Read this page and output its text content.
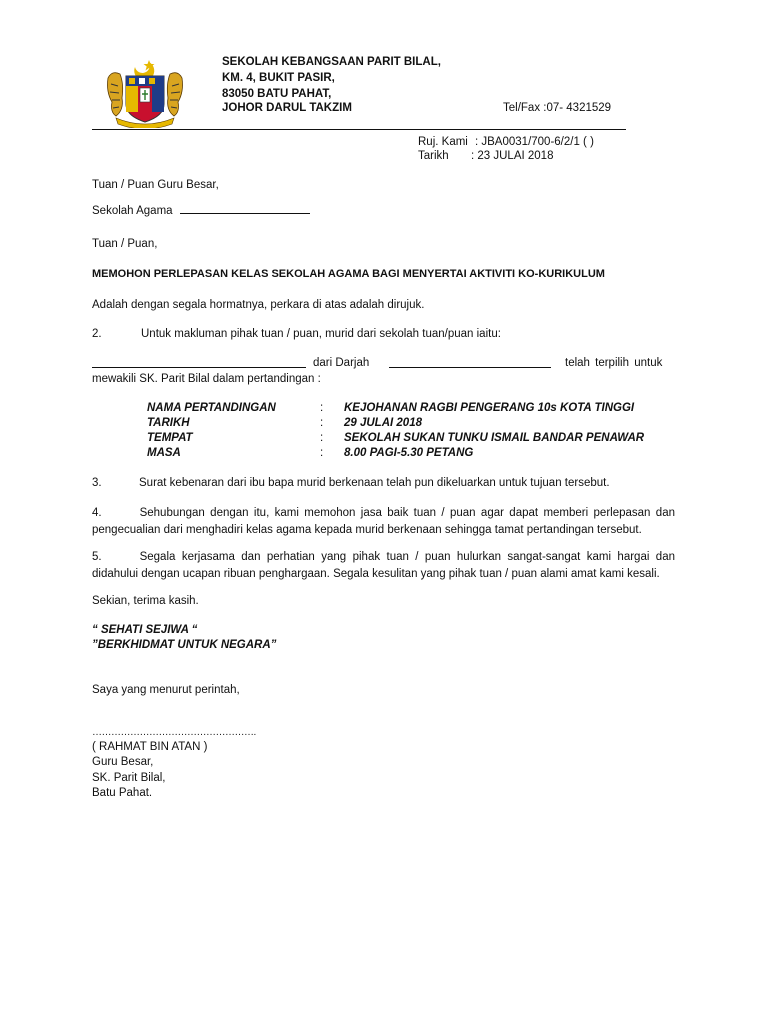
SEKOLAH KEBANGSAAN PARIT BILAL,
KM. 4, BUKIT PASIR,
83050 BATU PAHAT,
JOHOR DARUL TAKZIM	Tel/Fax :07- 4321529
Ruj. Kami : JBA0031/700-6/2/1 ( )
Tarikh : 23 JULAI 2018
Tuan / Puan Guru Besar,
Sekolah Agama
Tuan / Puan,
MEMOHON PERLEPASAN KELAS SEKOLAH AGAMA BAGI MENYERTAI AKTIVITI KO-KURIKULUM
Adalah dengan segala hormatnya, perkara di atas adalah dirujuk.
2.	Untuk makluman pihak tuan / puan, murid dari sekolah tuan/puan iaitu:
dari Darjah	telah terpilih untuk
mewakili SK. Parit Bilal dalam pertandingan :
NAMA PERTANDINGAN	: KEJOHANAN RAGBI PENGERANG 10s KOTA TINGGI
TARIKH	: 29 JULAI 2018
TEMPAT	: SEKOLAH SUKAN TUNKU ISMAIL BANDAR PENAWAR
MASA	: 8.00 PAGI-5.30 PETANG
3.	Surat kebenaran dari ibu bapa murid berkenaan telah pun dikeluarkan untuk tujuan tersebut.
4.	Sehubungan dengan itu, kami memohon jasa baik tuan / puan agar dapat memberi perlepasan dan pengecualian dari menghadiri kelas agama kepada murid berkenaan sehingga tamat pertandingan tersebut.
5.	Segala kerjasama dan perhatian yang pihak tuan / puan hulurkan sangat-sangat kami hargai dan didahului dengan ucapan ribuan penghargaan. Segala kesulitan yang pihak tuan / puan alami amat kami kesali.
Sekian, terima kasih.
“ SEHATI SEJIWA “
”BERKHIDMAT UNTUK NEGARA”
Saya yang menurut perintah,
…………………………………………….
( RAHMAT BIN ATAN )
Guru Besar,
SK. Parit Bilal,
Batu Pahat.
